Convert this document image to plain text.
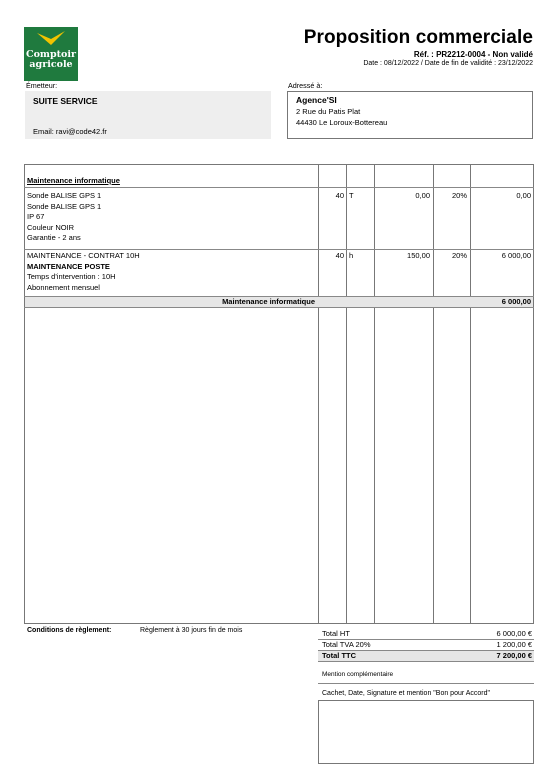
Comptoir
agricole
Proposition commerciale
Réf. : PR2212-0004 - Non validé
Date : 08/12/2022 / Date de fin de validité : 23/12/2022
Émetteur:	Adressé à:
SUITE SERVICE
Email: ravi@code42.fr
Agence'SI
2 Rue du Patis Plat
44430 Le Loroux-Bottereau
Maintenance informatique
Sonde BALISE GPS 1
Sonde BALISE GPS 1
IP 67
Couleur NOIR
Garantie - 2 ans
40 T	0,00	20%	0,00
MAINTENANCE - CONTRAT 10H
MAINTENANCE POSTE
Temps d'intervention : 10H
Abonnement mensuel
40 h	150,00	20%	6 000,00
Maintenance informatique	6 000,00
Conditions de règlement:	Règlement à 30 jours fin de mois	Total HT	6 000,00 €
Total TVA 20%	1 200,00 €
Total TTC	7 200,00 €
Mention complémentaire
Cachet, Date, Signature et mention "Bon pour Accord"
